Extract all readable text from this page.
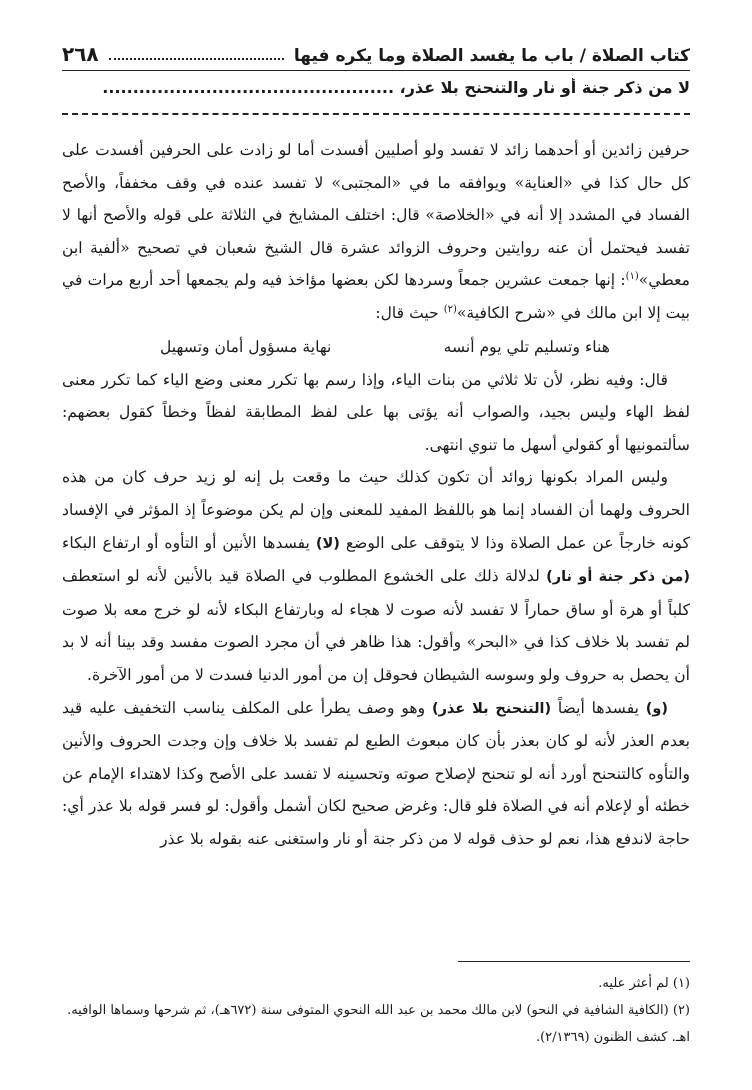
٢٦٨	كتاب الصلاة / باب ما يفسد الصلاة وما يكره فيها
لا من ذكر جنة أو نار والتنحنح بلا عذر، ................................................

حرفين زائدين أو أحدهما زائد لا تفسد ولو أصليين أفسدت أما لو زادت على الحرفين أفسدت على كل حال كذا في «العناية» ويوافقه ما في «المجتبى» لا تفسد عنده في وقف مخففاً، والأصح الفساد في المشدد إلا أنه في «الخلاصة» قال: اختلف المشايخ في الثلاثة على قوله والأصح أنها لا تفسد فيحتمل أن عنه روايتين وحروف الزوائد عشرة قال الشيخ شعبان في تصحيح «ألفية ابن معطي»$^{(١)}$: إنها جمعت عشرين جمعاً وسردها لكن بعضها مؤاخذ فيه ولم يجمعها أحد أربع مرات في بيت إلا ابن مالك في «شرح الكافية»$^{(٢)}$ حيث قال:

هناء وتسليم تلي يوم أنسه
نهاية مسؤول أمان وتسهيل

قال: وفيه نظر، لأن تلا ثلاثي من بنات الياء، وإذا رسم بها تكرر معنى وضع الياء كما تكرر معنى لفظ الهاء وليس بجيد، والصواب أنه يؤتى بها على لفظ المطابقة لفظاً وخطاً كقول بعضهم: سألتمونيها أو كقولي أسهل ما تنوي انتهى.

وليس المراد بكونها زوائد أن تكون كذلك حيث ما وقعت بل إنه لو زيد حرف كان من هذه الحروف ولهما أن الفساد إنما هو باللفظ المفيد للمعنى وإن لم يكن موضوعاً إذ المؤثر في الإفساد كونه خارجاً عن عمل الصلاة وذا لا يتوقف على الوضع (لا) يفسدها الأنين أو التأوه أو ارتفاع البكاء (من ذكر جنة أو نار) لدلالة ذلك على الخشوع المطلوب في الصلاة قيد بالأنين لأنه لو استعطف كلباً أو هرة أو ساق حماراً لا تفسد لأنه صوت لا هجاء له وبارتفاع البكاء لأنه لو خرج معه بلا صوت لم تفسد بلا خلاف كذا في «البحر» وأقول: هذا ظاهر في أن مجرد الصوت مفسد وقد بينا أنه لا بد أن يحصل به حروف ولو وسوسه الشيطان فحوقل إن من أمور الدنيا فسدت لا من أمور الآخرة.

(و) يفسدها أيضاً (التنحنح بلا عذر) وهو وصف يطرأ على المكلف يناسب التخفيف عليه قيد بعدم العذر لأنه لو كان بعذر بأن كان مبعوث الطبع لم تفسد بلا خلاف وإن وجدت الحروف والأنين والتأوه كالتنحنح أورد أنه لو تنحنح لإصلاح صوته وتحسينه لا تفسد على الأصح وكذا لاهتداء الإمام عن خطئه أو لإعلام أنه في الصلاة فلو قال: وغرض صحيح لكان أشمل وأقول: لو فسر قوله بلا عذر أي: حاجة لاندفع هذا، نعم لو حذف قوله لا من ذكر جنة أو نار واستغنى عنه بقوله بلا عذر

(١) لم أعثر عليه.

(٢) (الكافية الشافية في النحو) لابن مالك محمد بن عبد الله النحوي المتوفى سنة (٦٧٢هـ)، ثم شرحها وسماها الوافيه. اهـ. كشف الظنون (٢/١٣٦٩).
